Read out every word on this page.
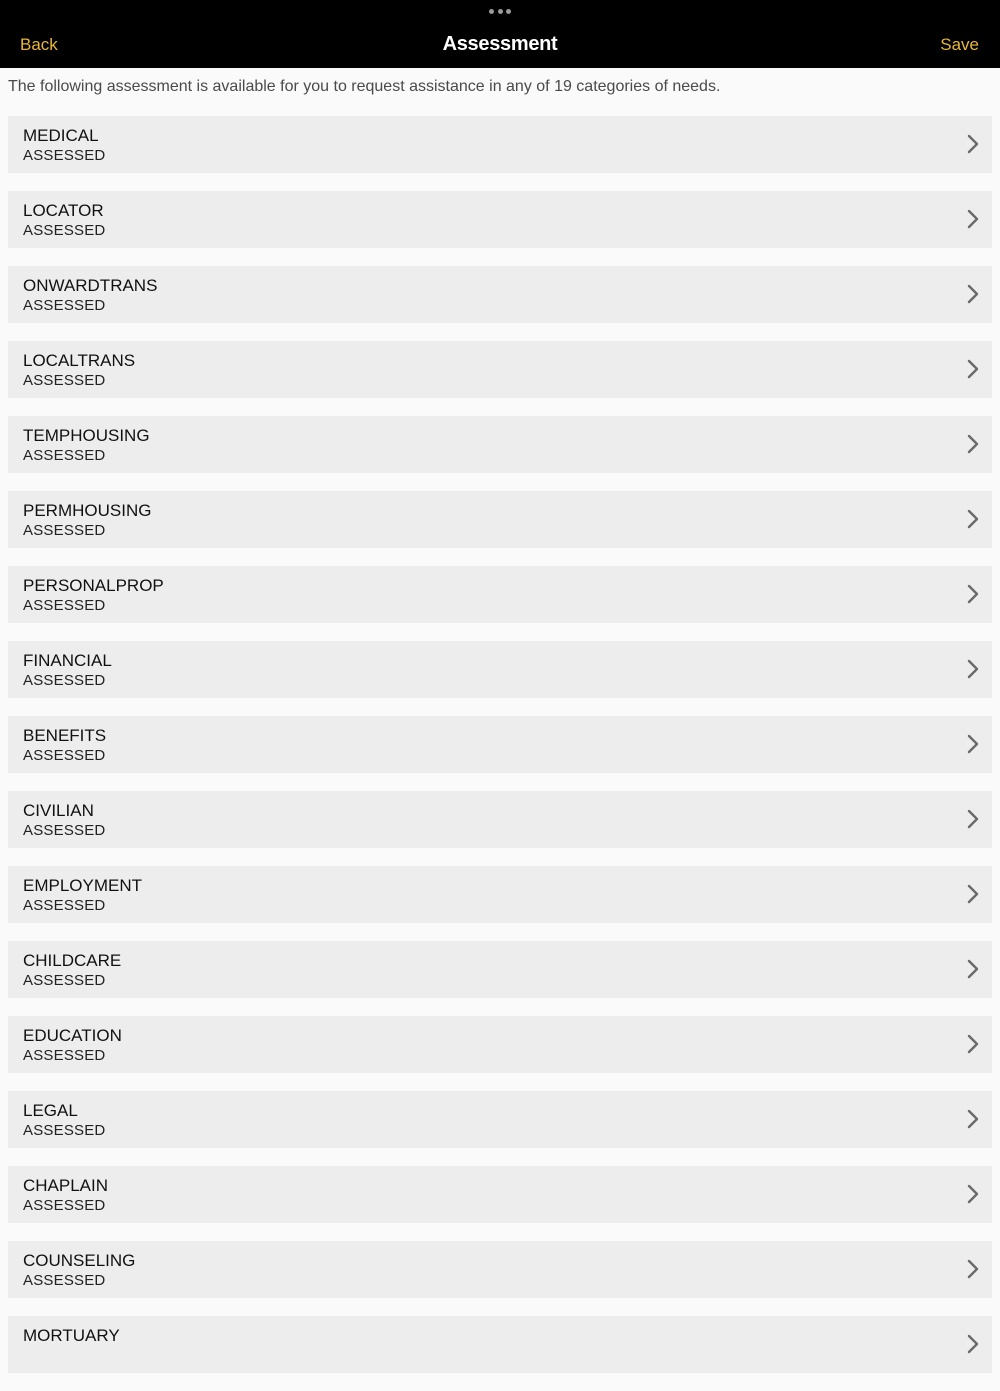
Back	Assessment	Save
The following assessment is available for you to request assistance in any of 19 categories of needs.
MEDICAL
ASSESSED
LOCATOR
ASSESSED
ONWARDTRANS
ASSESSED
LOCALTRANS
ASSESSED
TEMPHOUSING
ASSESSED
PERMHOUSING
ASSESSED
PERSONALPROP
ASSESSED
FINANCIAL
ASSESSED
BENEFITS
ASSESSED
CIVILIAN
ASSESSED
EMPLOYMENT
ASSESSED
CHILDCARE
ASSESSED
EDUCATION
ASSESSED
LEGAL
ASSESSED
CHAPLAIN
ASSESSED
COUNSELING
ASSESSED
MORTUARY
